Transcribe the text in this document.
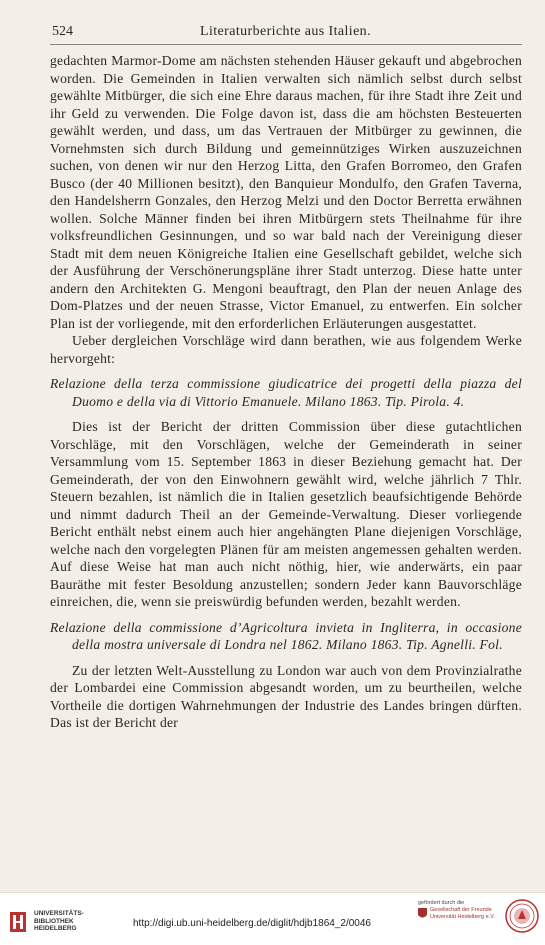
524	Literaturberichte aus Italien.

gedachten Marmor-Dome am nächsten stehenden Häuser gekauft und abgebrochen worden. Die Gemeinden in Italien verwalten sich nämlich selbst durch selbst gewählte Mitbürger, die sich eine Ehre daraus machen, für ihre Stadt ihre Zeit und ihr Geld zu verwenden. Die Folge davon ist, dass die am höchsten Besteuerten gewählt werden, und dass, um das Vertrauen der Mitbürger zu gewinnen, die Vornehmsten sich durch Bildung und gemeinnütziges Wirken auszuzeichnen suchen, von denen wir nur den Herzog Litta, den Grafen Borromeo, den Grafen Busco (der 40 Millionen besitzt), den Banquieur Mondulfo, den Grafen Taverna, den Handelsherrn Gonzales, den Herzog Melzi und den Doctor Berretta erwähnen wollen. Solche Männer finden bei ihren Mitbürgern stets Theilnahme für ihre volksfreundlichen Gesinnungen, und so war bald nach der Vereinigung dieser Stadt mit dem neuen Königreiche Italien eine Gesellschaft gebildet, welche sich der Ausführung der Verschönerungspläne ihrer Stadt unterzog. Diese hatte unter andern den Architekten G. Mengoni beauftragt, den Plan der neuen Anlage des Dom-Platzes und der neuen Strasse, Victor Emanuel, zu entwerfen. Ein solcher Plan ist der vorliegende, mit den erforderlichen Erläuterungen ausgestattet.

Ueber dergleichen Vorschläge wird dann berathen, wie aus folgendem Werke hervorgeht:

Relazione della terza commissione giudicatrice dei progetti della piazza del Duomo e della via di Vittorio Emanuele. Milano 1863. Tip. Pirola. 4.

Dies ist der Bericht der dritten Commission über diese gutachtlichen Vorschläge, mit den Vorschlägen, welche der Gemeinderath in seiner Versammlung vom 15. September 1863 in dieser Beziehung gemacht hat. Der Gemeinderath, der von den Einwohnern gewählt wird, welche jährlich 7 Thlr. Steuern bezahlen, ist nämlich die in Italien gesetzlich beaufsichtigende Behörde und nimmt dadurch Theil an der Gemeinde-Verwaltung. Dieser vorliegende Bericht enthält nebst einem auch hier angehängten Plane diejenigen Vorschläge, welche nach den vorgelegten Plänen für am meisten angemessen gehalten werden. Auf diese Weise hat man auch nicht nöthig, hier, wie anderwärts, ein paar Bauräthe mit fester Besoldung anzustellen; sondern Jeder kann Bauvorschläge einreichen, die, wenn sie preiswürdig befunden werden, bezahlt werden.

Relazione della commissione d’Agricoltura invieta in Ingliterra, in occasione della mostra universale di Londra nel 1862. Milano 1863. Tip. Agnelli. Fol.

Zu der letzten Welt-Ausstellung zu London war auch von dem Provinzialrathe der Lombardei eine Commission abgesandt worden, um zu beurtheilen, welche Vortheile die dortigen Wahrnehmungen der Industrie des Landes bringen dürften. Das ist der Bericht der

UNIVERSITÄTS-
BIBLIOTHEK
HEIDELBERG	http://digi.ub.uni-heidelberg.de/diglit/hdjb1864_2/0046
gefördert durch die
Gesellschaft der Freunde
Universität Heidelberg e.V.
